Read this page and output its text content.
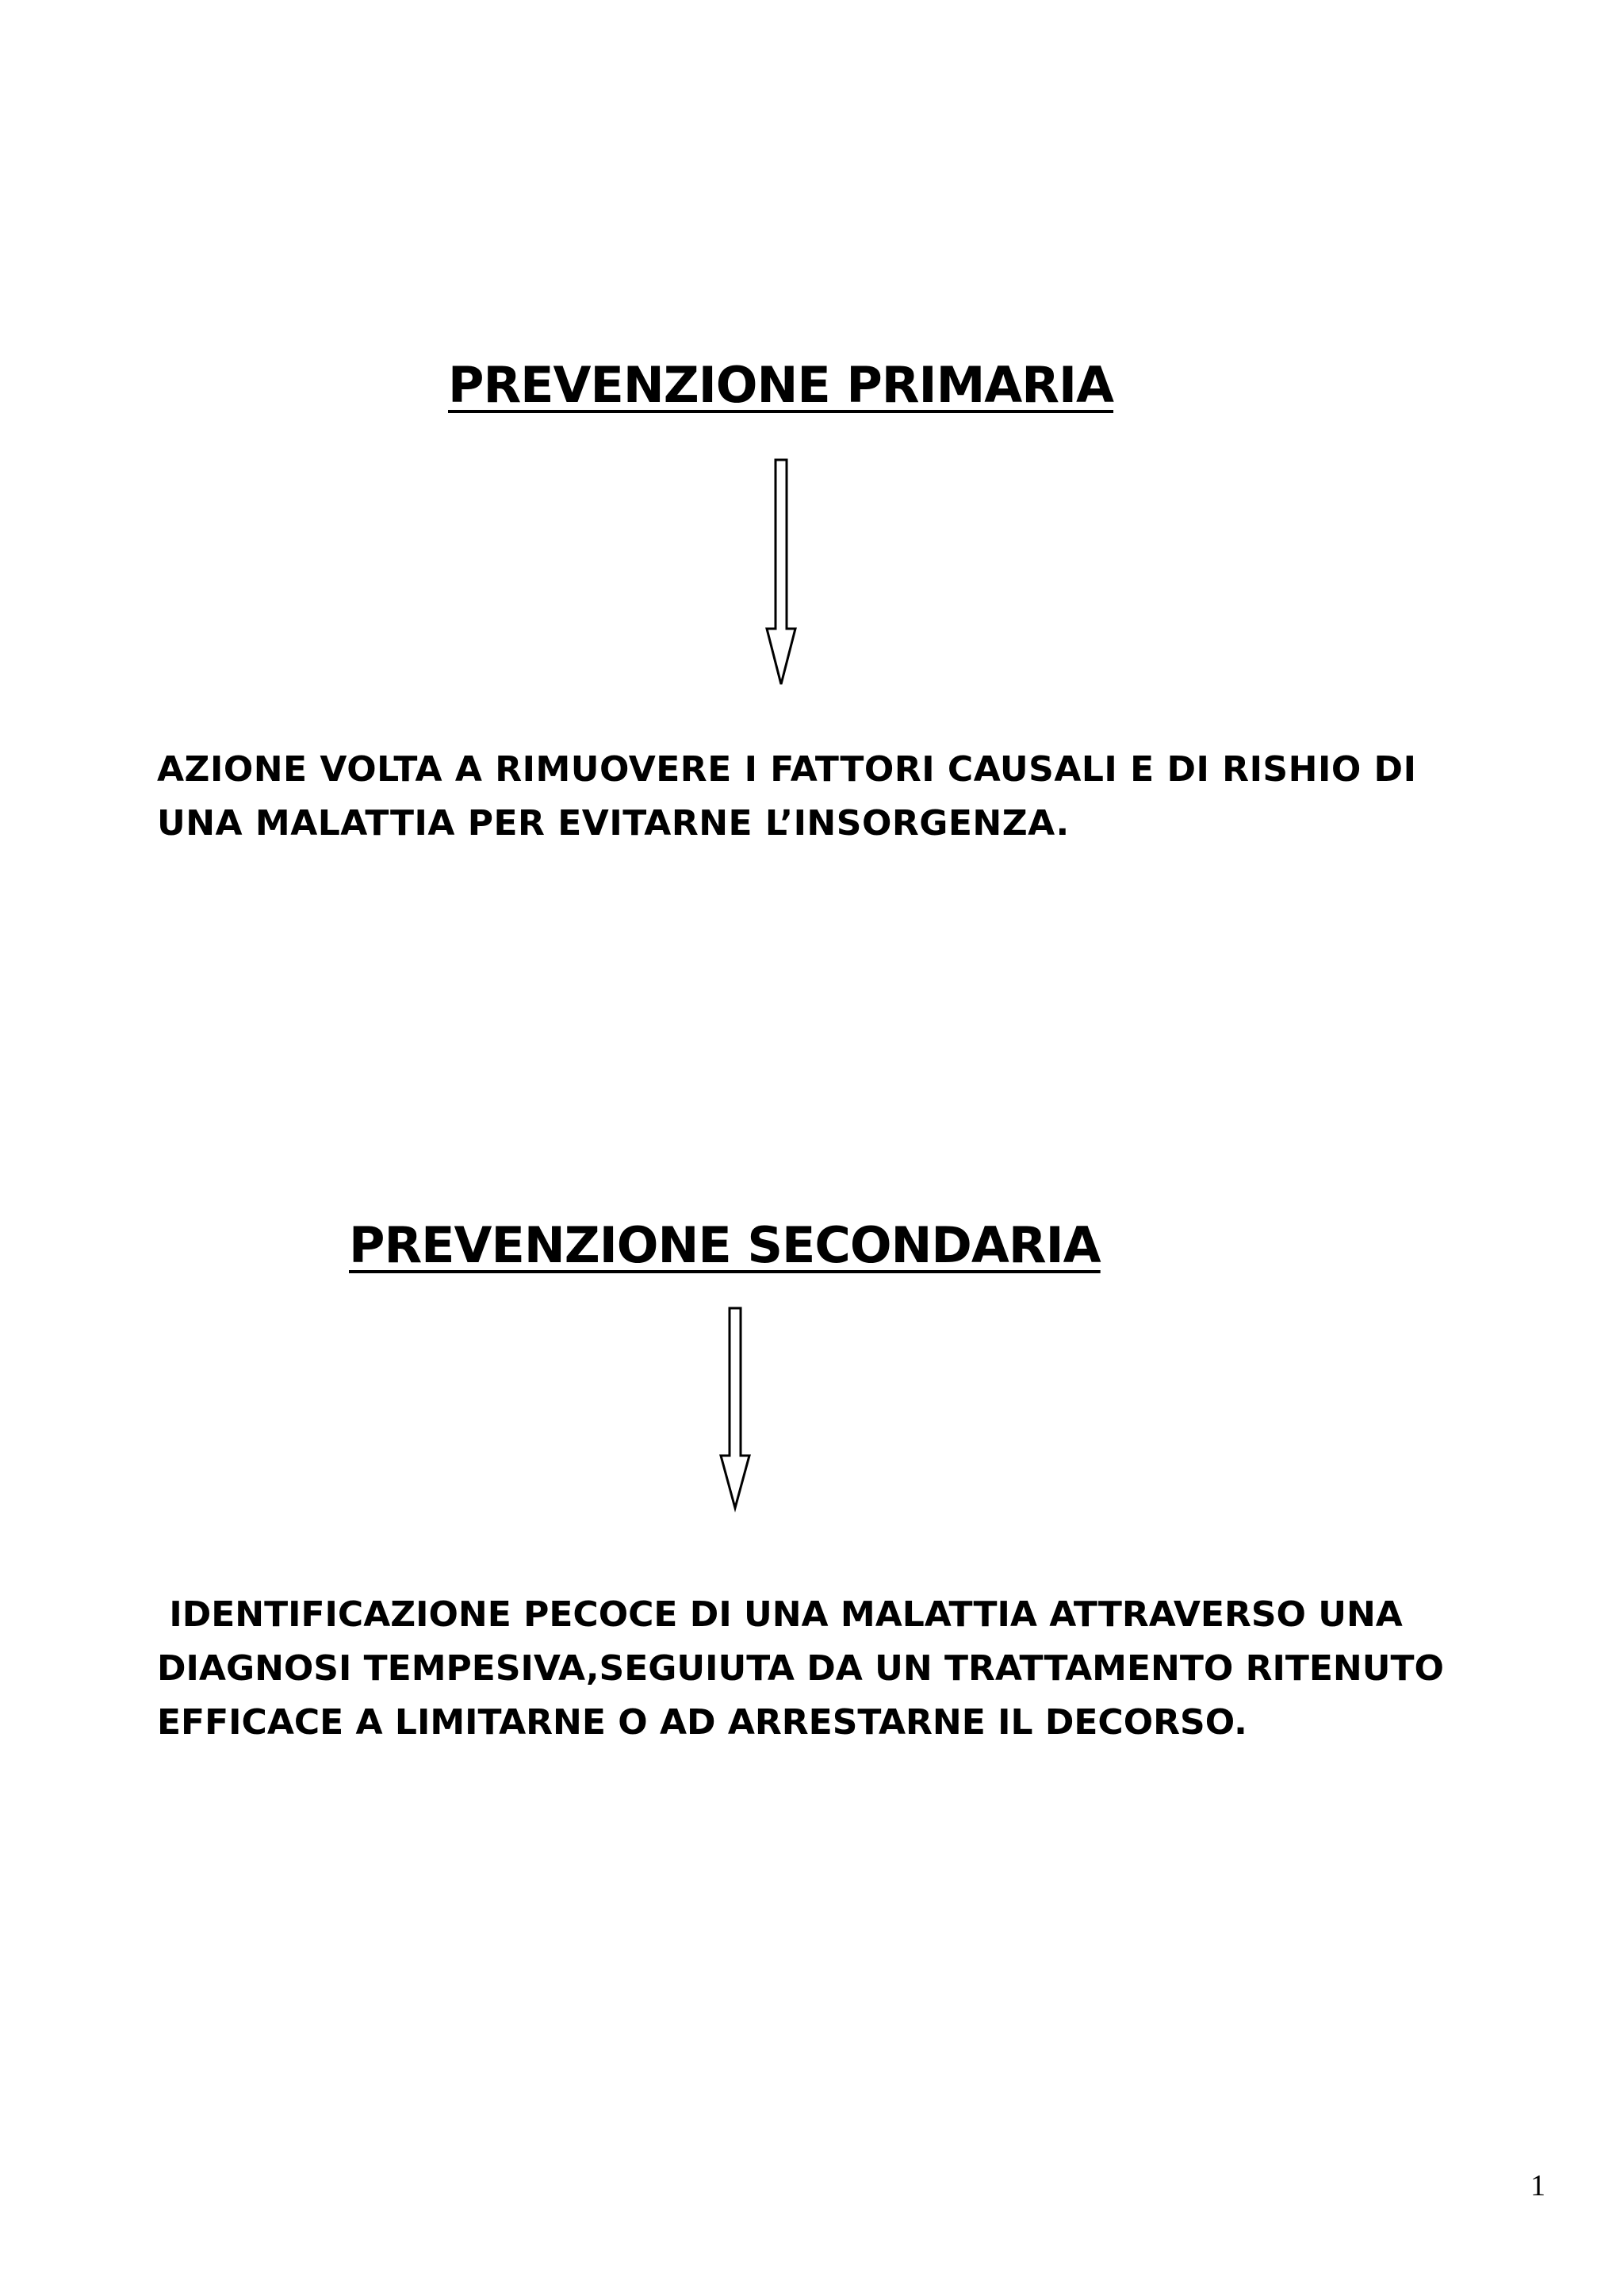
PREVENZIONE PRIMARIA

AZIONE VOLTA A RIMUOVERE I FATTORI CAUSALI E DI RISHIO DI
UNA MALATTIA PER EVITARNE L’INSORGENZA.

PREVENZIONE SECONDARIA

IDENTIFICAZIONE PECOCE DI UNA MALATTIA ATTRAVERSO UNA
DIAGNOSI TEMPESIVA,SEGUIUTA DA UN TRATTAMENTO RITENUTO
EFFICACE A LIMITARNE O AD ARRESTARNE IL DECORSO.

1
